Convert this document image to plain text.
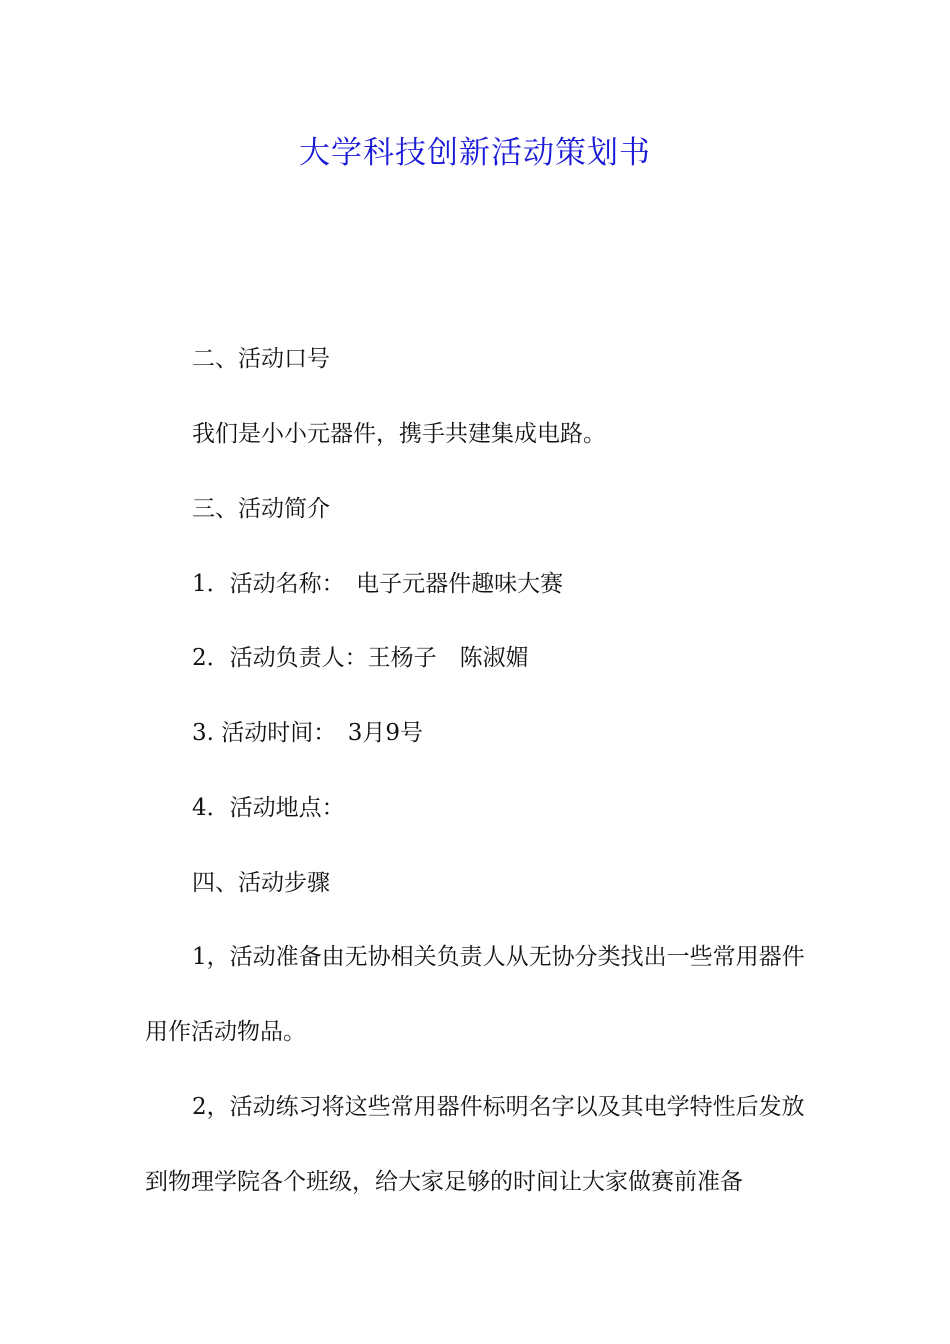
大学科技创新活动策划书
二、活动口号
我们是小小元器件，携手共建集成电路。
三、活动简介
1．活动名称：　电子元器件趣味大赛
2．活动负责人：王杨子　陈淑媚
3. 活动时间：　3月9号
4．活动地点：
四、活动步骤
1，活动准备由无协相关负责人从无协分类找出一些常用器件用作活动物品。
2，活动练习将这些常用器件标明名字以及其电学特性后发放到物理学院各个班级，给大家足够的时间让大家做赛前准备
